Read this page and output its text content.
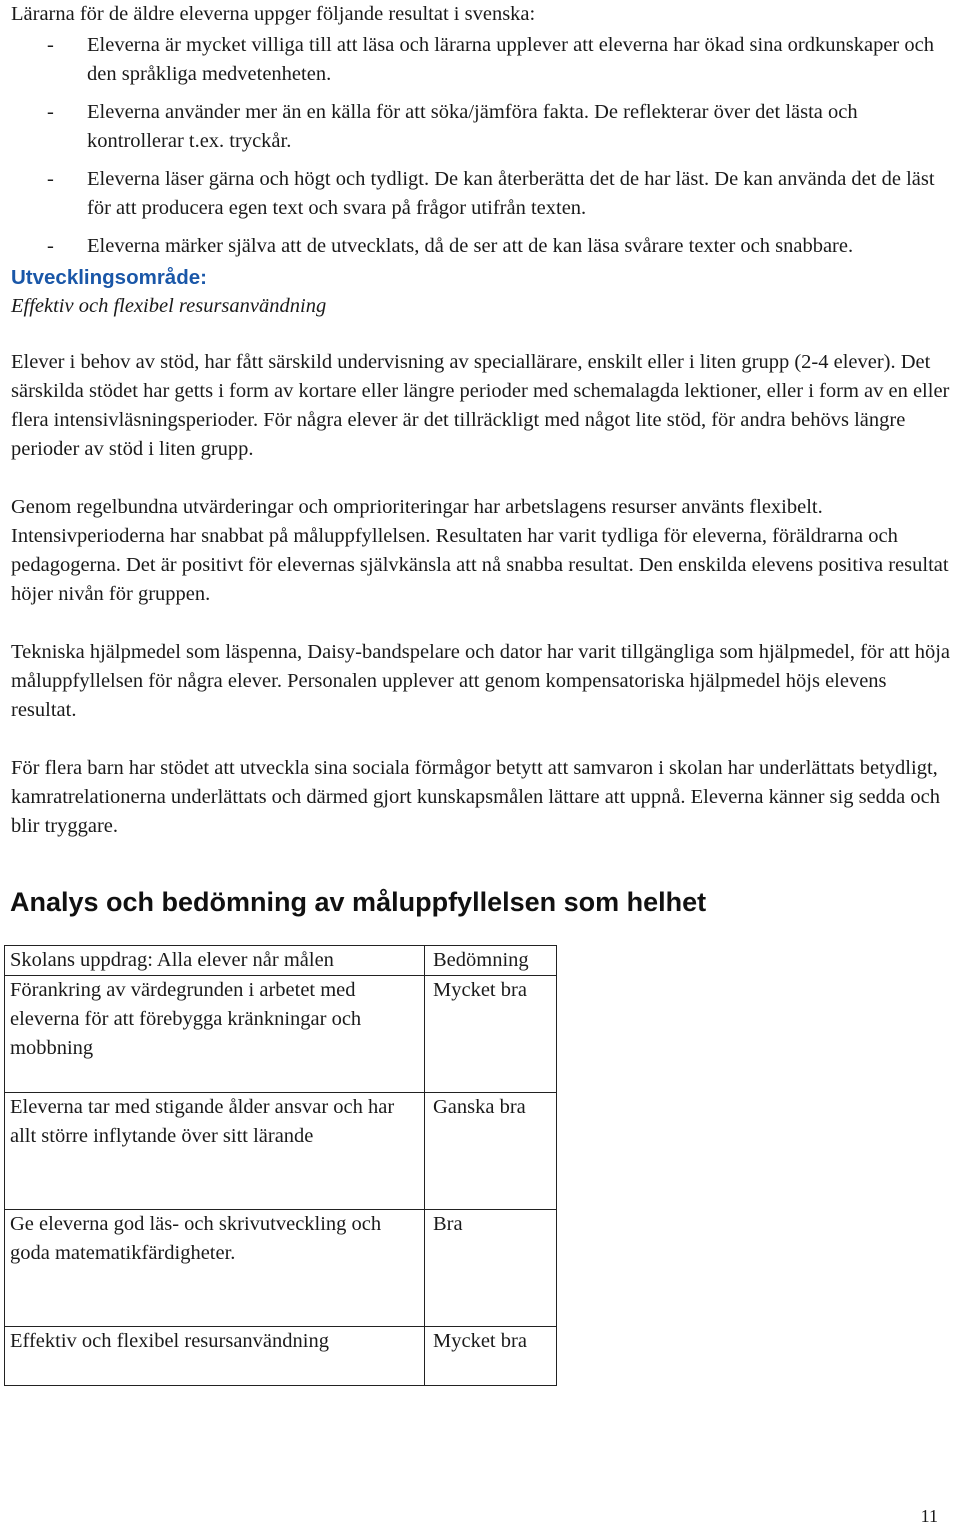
Lärarna för de äldre eleverna uppger följande resultat i svenska:

- Eleverna är mycket villiga till att läsa och lärarna upplever att eleverna har ökad sina ordkunskaper och den språkliga medvetenheten.
- Eleverna använder mer än en källa för att söka/jämföra fakta. De reflekterar över det lästa och kontrollerar t.ex. tryckår.
- Eleverna läser gärna och högt och tydligt. De kan återberätta det de har läst. De kan använda det de läst för att producera egen text och svara på frågor utifrån texten.
- Eleverna märker själva att de utvecklats, då de ser att de kan läsa svårare texter och snabbare.
Utvecklingsområde:

Effektiv och flexibel resursanvändning

Elever i behov av stöd, har fått särskild undervisning av speciallärare, enskilt eller i liten grupp (2-4 elever). Det särskilda stödet har getts i form av kortare eller längre perioder med schemalagda lektioner, eller i form av en eller flera intensivläsningsperioder. För några elever är det tillräckligt med något lite stöd, för andra behövs längre perioder av stöd i liten grupp.

Genom regelbundna utvärderingar och omprioriteringar har arbetslagens resurser använts flexibelt. Intensivperioderna har snabbat på måluppfyllelsen. Resultaten har varit tydliga för eleverna, föräldrarna och pedagogerna. Det är positivt för elevernas självkänsla att nå snabba resultat. Den enskilda elevens positiva resultat höjer nivån för gruppen.

Tekniska hjälpmedel som läspenna, Daisy-bandspelare och dator har varit tillgängliga som hjälpmedel, för att höja måluppfyllelsen för några elever. Personalen upplever att genom kompensatoriska hjälpmedel höjs elevens resultat.

För flera barn har stödet att utveckla sina sociala förmågor betytt att samvaron i skolan har underlättats betydligt, kamratrelationerna underlättats och därmed gjort kunskapsmålen lättare att uppnå. Eleverna känner sig sedda och blir tryggare.

Analys och bedömning av måluppfyllelsen som helhet
Skolans uppdrag: Alla elever når målen	Bedömning
Förankring av värdegrunden i arbetet med eleverna för att förebygga kränkningar och mobbning	Mycket bra
Eleverna tar med stigande ålder ansvar och har allt större inflytande över sitt lärande	Ganska bra
Ge eleverna god läs- och skrivutveckling och goda matematikfärdigheter.	Bra
Effektiv och flexibel resursanvändning	Mycket bra
11
